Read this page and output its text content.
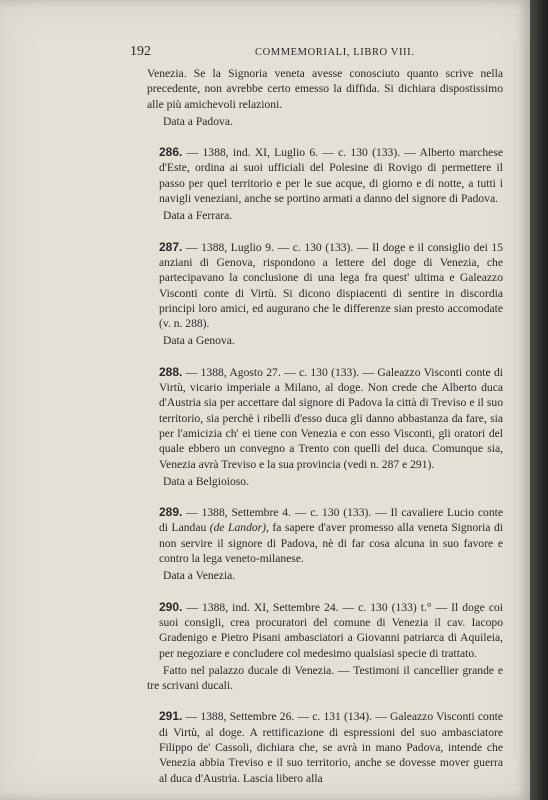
192	COMMEMORIALI, LIBRO VIII.

Venezia. Se la Signoria veneta avesse conosciuto quanto scrive nella precedente, non avrebbe certo emesso la diffida. Si dichiara dispostissimo alle più amichevoli relazioni.

Data a Padova.

286. — 1388, ind. XI, Luglio 6. — c. 130 (133). — Alberto marchese d'Este, ordina ai suoi ufficiali del Polesine di Rovigo di permettere il passo per quel territorio e per le sue acque, di giorno e di notte, a tutti i navigli veneziani, anche se portino armati a danno del signore di Padova.

Data a Ferrara.

287. — 1388, Luglio 9. — c. 130 (133). — Il doge e il consiglio dei 15 anziani di Genova, rispondono a lettere del doge di Venezia, che partecipavano la conclusione di una lega fra quest' ultima e Galeazzo Visconti conte di Virtù. Si dicono dispiacenti di sentire in discordia principi loro amici, ed augurano che le differenze sian presto accomodate (v. n. 288).

Data a Genova.

288. — 1388, Agosto 27. — c. 130 (133). — Galeazzo Visconti conte di Virtù, vicario imperiale a Milano, al doge. Non crede che Alberto duca d'Austria sia per accettare dal signore di Padova la città di Treviso e il suo territorio, sia perchè i ribelli d'esso duca gli danno abbastanza da fare, sia per l'amicizia ch' ei tiene con Venezia e con esso Visconti, gli oratori del quale ebbero un convegno a Trento con quelli del duca. Comunque sia, Venezia avrà Treviso e la sua provincia (vedi n. 287 e 291).

Data a Belgioioso.

289. — 1388, Settembre 4. — c. 130 (133). — Il cavaliere Lucio conte di Landau (de Landor), fa sapere d'aver promesso alla veneta Signoria di non servire il signore di Padova, nè di far cosa alcuna in suo favore e contro la lega veneto-milanese.

Data a Venezia.

290. — 1388, ind. XI, Settembre 24. — c. 130 (133) t.° — Il doge coi suoi consigli, crea procuratori del comune di Venezia il cav. Iacopo Gradenigo e Pietro Pisani ambasciatori a Giovanni patriarca di Aquileia, per negoziare e concludere col medesimo qualsiasi specie di trattato.

Fatto nel palazzo ducale di Venezia. — Testimoni il cancellier grande e tre scrivani ducali.

291. — 1388, Settembre 26. — c. 131 (134). — Galeazzo Visconti conte di Virtù, al doge. A rettificazione di espressioni del suo ambasciatore Filippo de' Cassoli, dichiara che, se avrà in mano Padova, intende che Venezia abbia Treviso e il suo territorio, anche se dovesse mover guerra al duca d'Austria. Lascia libero alla
